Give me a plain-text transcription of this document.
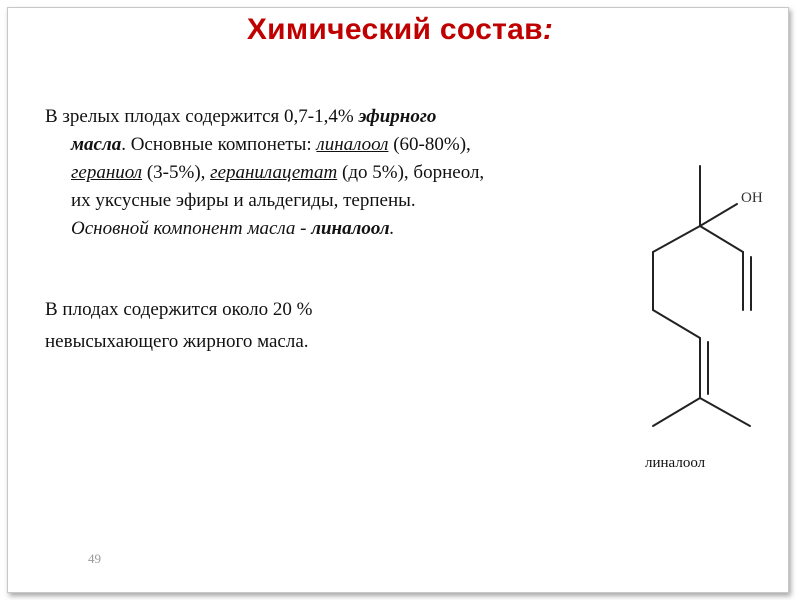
Химический состав:
В зрелых плодах содержится 0,7-1,4% эфирного
масла. Основные компонеты: линалоол (60-80%),
гераниол (3-5%), геранилацетат (до 5%), борнеол,
их уксусные эфиры и альдегиды, терпены.
Основной компонент масла - линалоол.
В плодах содержится около 20 %
невысыхающего жирного масла.
OH
линалоол
49
